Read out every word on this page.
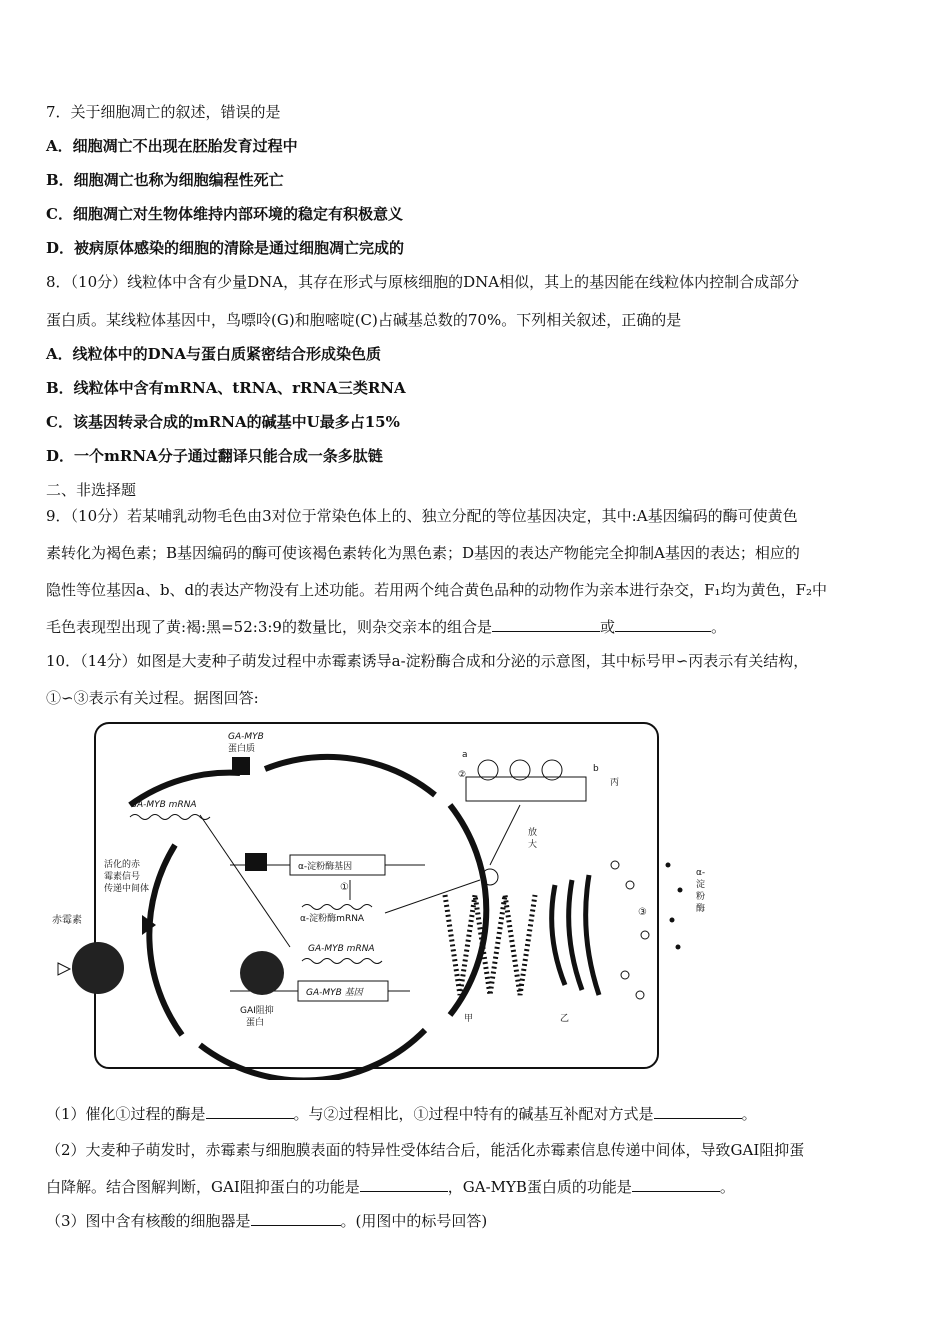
7．关于细胞凋亡的叙述，错误的是
A．细胞凋亡不出现在胚胎发育过程中
B．细胞凋亡也称为细胞编程性死亡
C．细胞凋亡对生物体维持内部环境的稳定有积极意义
D．被病原体感染的细胞的清除是通过细胞凋亡完成的
8．（10分）线粒体中含有少量DNA，其存在形式与原核细胞的DNA相似，其上的基因能在线粒体内控制合成部分
蛋白质。某线粒体基因中，鸟嘌呤(G)和胞嘧啶(C)占碱基总数的70%。下列相关叙述，正确的是
A．线粒体中的DNA与蛋白质紧密结合形成染色质
B．线粒体中含有mRNA、tRNA、rRNA三类RNA
C．该基因转录合成的mRNA的碱基中U最多占15%
D．一个mRNA分子通过翻译只能合成一条多肽链
二、非选择题
9．（10分）若某哺乳动物毛色由3对位于常染色体上的、独立分配的等位基因决定，其中:A基因编码的酶可使黄色
素转化为褐色素；B基因编码的酶可使该褐色素转化为黑色素；D基因的表达产物能完全抑制A基因的表达；相应的
隐性等位基因a、b、d的表达产物没有上述功能。若用两个纯合黄色品种的动物作为亲本进行杂交，F₁均为黄色，F₂中
毛色表现型出现了黄:褐:黑=52:3:9的数量比，则杂交亲本的组合是	或	。
10．（14分）如图是大麦种子萌发过程中赤霉素诱导a-淀粉酶合成和分泌的示意图，其中标号甲∽丙表示有关结构，
①∽③表示有关过程。据图回答:
GA-MYB
蛋白质
GA-MYB mRNA
活化的赤
霉素信号
传递中间体
赤霉素
α-淀粉酶基因
①
α-淀粉酶mRNA
GA-MYB mRNA
GA-MYB 基因
GAI阻抑
蛋白
a
②
b
丙
放
大
甲	乙
③
α-
淀
粉
酶
（1）催化①过程的酶是	。与②过程相比，①过程中特有的碱基互补配对方式是	。
（2）大麦种子萌发时，赤霉素与细胞膜表面的特异性受体结合后，能活化赤霉素信息传递中间体，导致GAI阻抑蛋
白降解。结合图解判断，GAI阻抑蛋白的功能是	，GA-MYB蛋白质的功能是	。
（3）图中含有核酸的细胞器是	。(用图中的标号回答)
